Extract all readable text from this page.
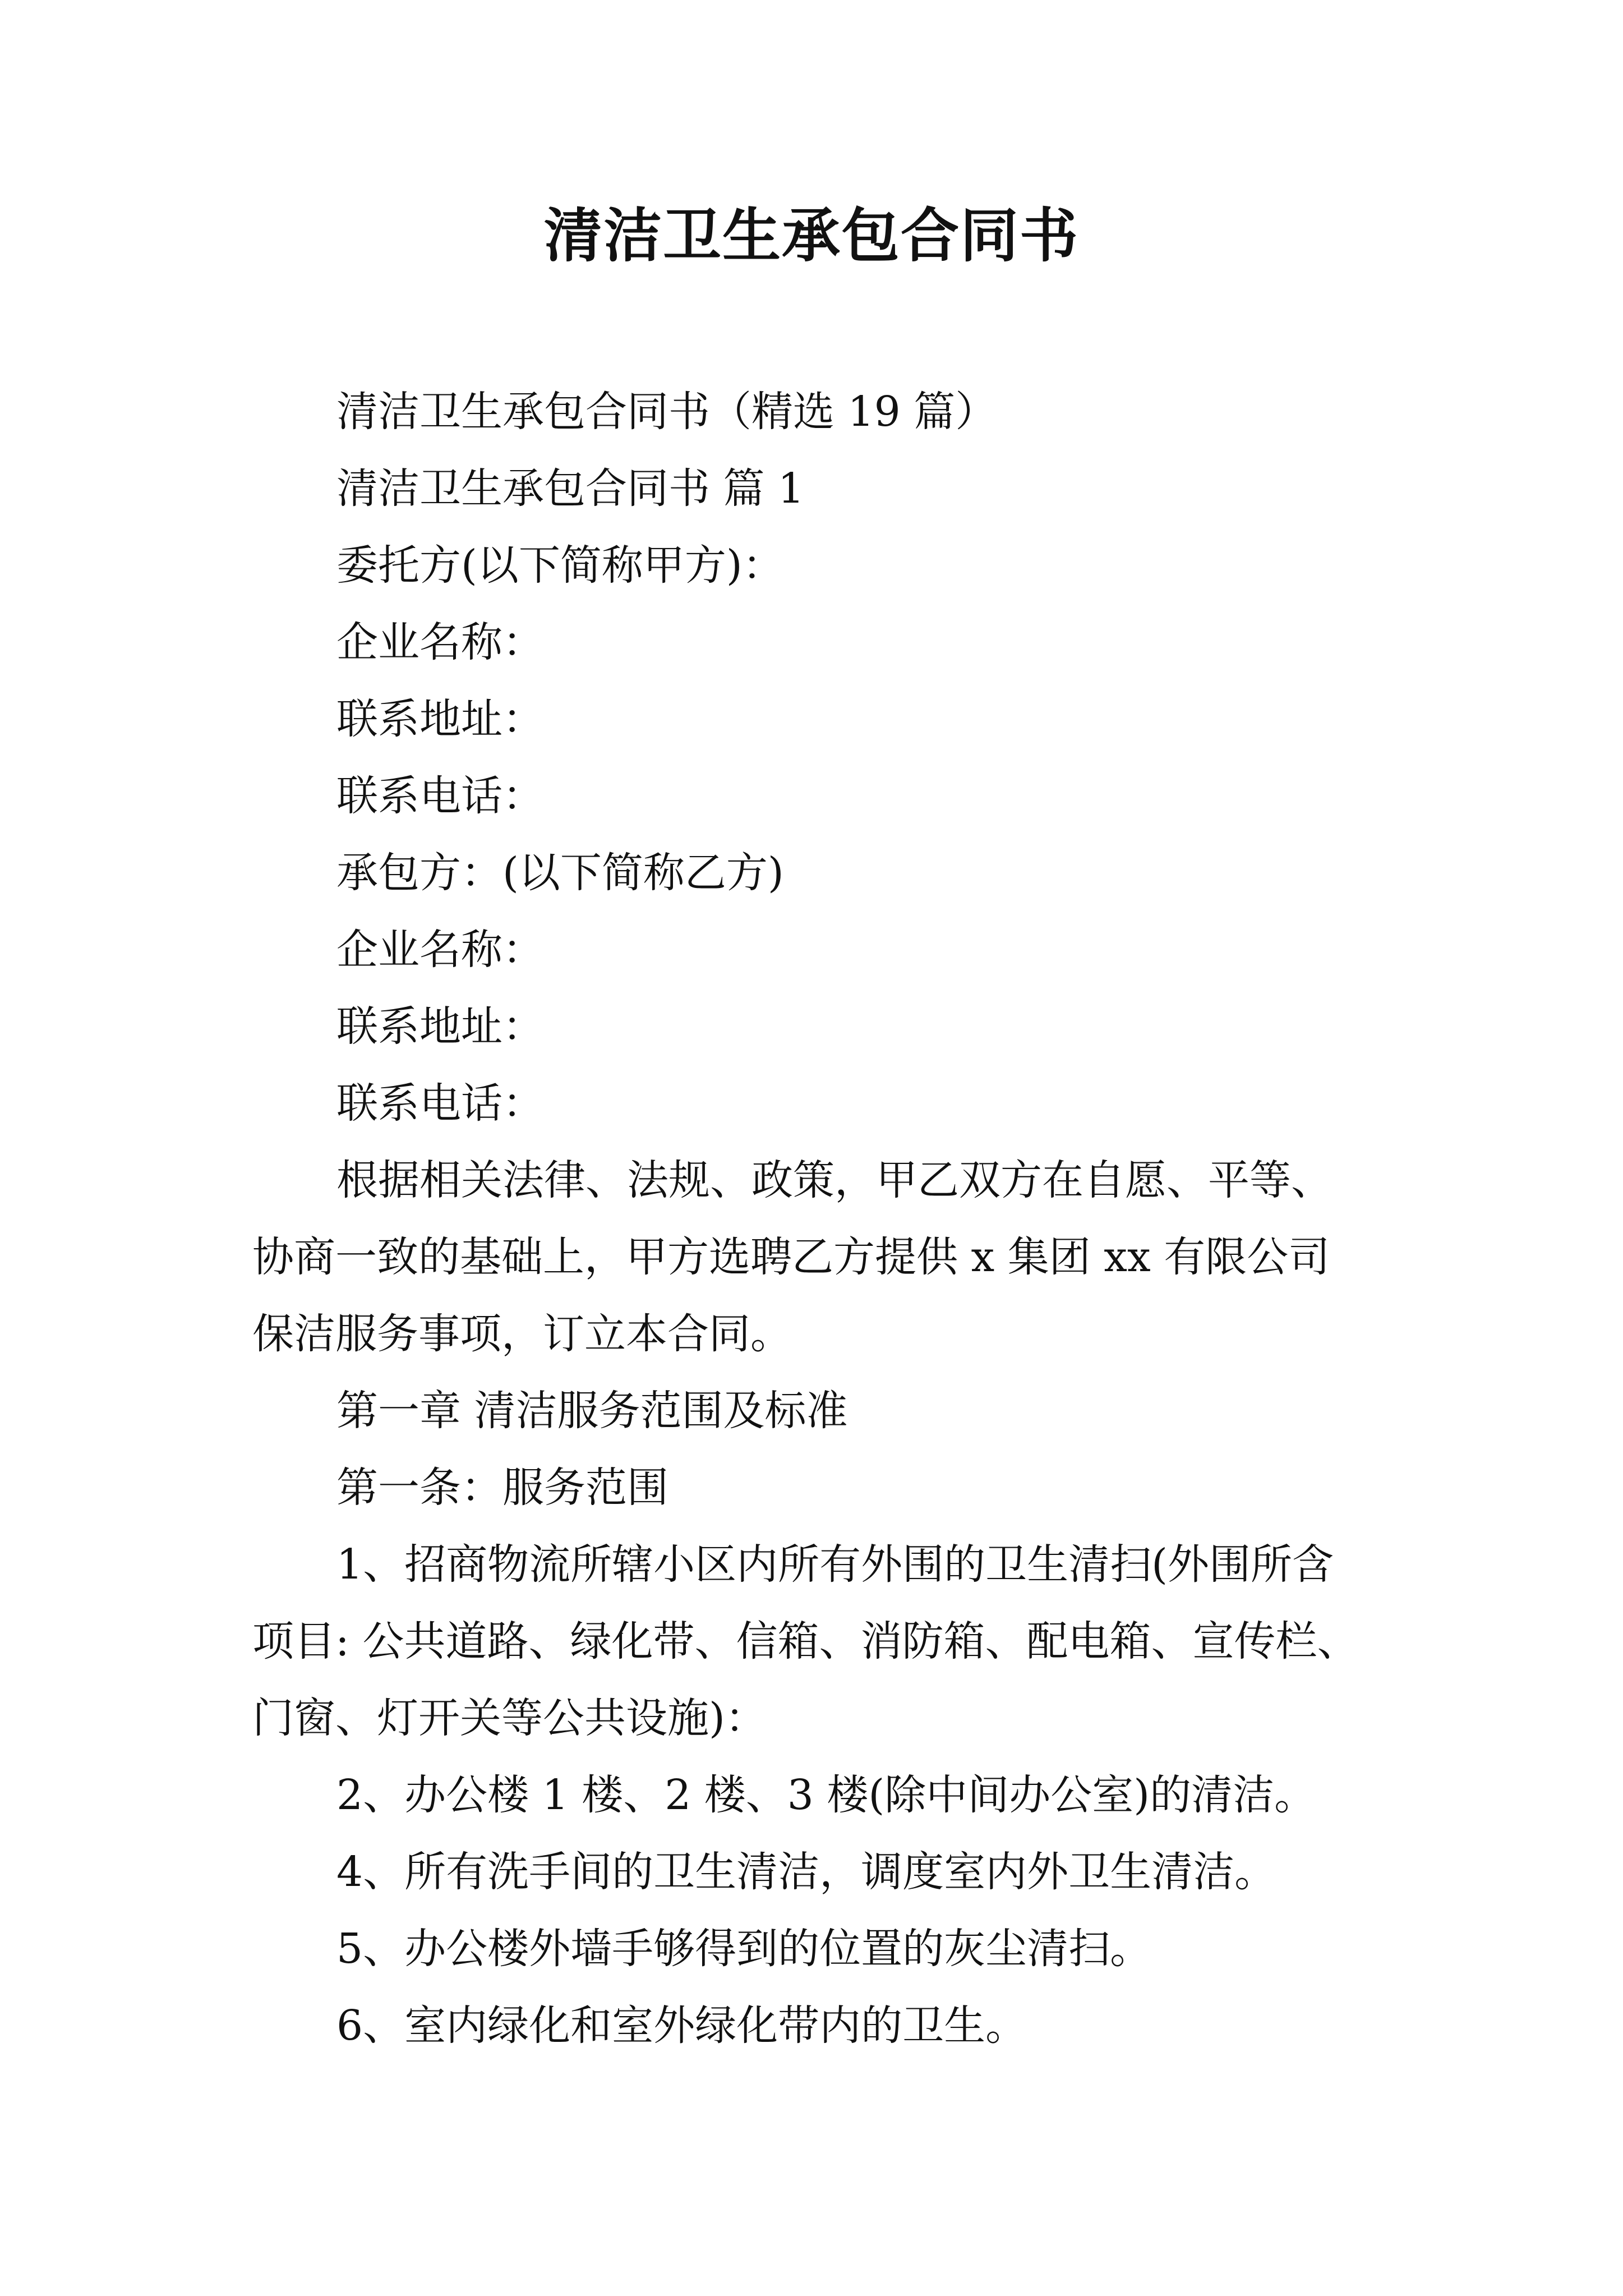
清洁卫生承包合同书
清洁卫生承包合同书（精选 19 篇）
清洁卫生承包合同书 篇 1
委托方(以下简称甲方)：
企业名称：
联系地址：
联系电话：
承包方：(以下简称乙方)
企业名称：
联系地址：
联系电话：
根据相关法律、法规、政策，甲乙双方在自愿、平等、
协商一致的基础上，甲方选聘乙方提供 x 集团 xx 有限公司
保洁服务事项，订立本合同。
第一章 清洁服务范围及标准
第一条：服务范围
1、招商物流所辖小区内所有外围的卫生清扫(外围所含
项目: 公共道路、绿化带、信箱、消防箱、配电箱、宣传栏、
门窗、灯开关等公共设施)：
2、办公楼 1 楼、2 楼、3 楼(除中间办公室)的清洁。
4、所有洗手间的卫生清洁，调度室内外卫生清洁。
5、办公楼外墙手够得到的位置的灰尘清扫。
6、室内绿化和室外绿化带内的卫生。
